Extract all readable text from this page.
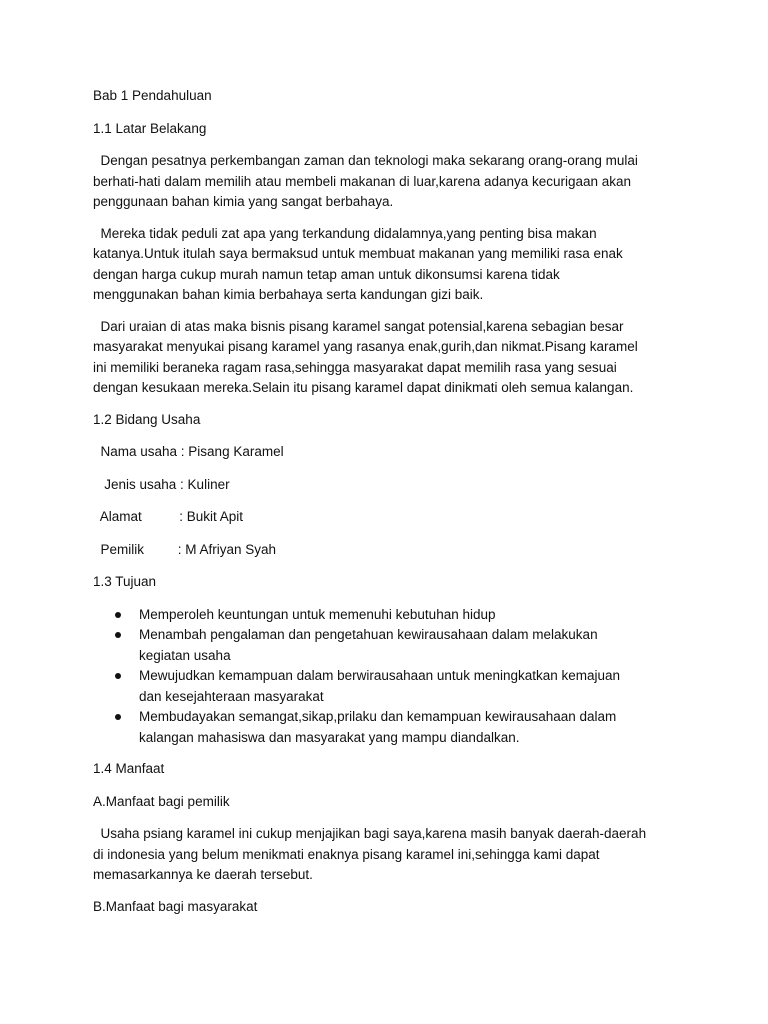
Bab 1 Pendahuluan

1.1 Latar Belakang

Dengan pesatnya perkembangan zaman dan teknologi maka sekarang orang-orang mulai

berhati-hati dalam memilih atau membeli makanan di luar,karena adanya kecurigaan akan

penggunaan bahan kimia yang sangat berbahaya.

Mereka tidak peduli zat apa yang terkandung didalamnya,yang penting bisa makan

katanya.Untuk itulah saya bermaksud untuk membuat makanan yang memiliki rasa enak

dengan harga cukup murah namun tetap aman untuk dikonsumsi karena tidak

menggunakan bahan kimia berbahaya serta kandungan gizi baik.

Dari uraian di atas maka bisnis pisang karamel sangat potensial,karena sebagian besar

masyarakat menyukai pisang karamel yang rasanya enak,gurih,dan nikmat.Pisang karamel

ini memiliki beraneka ragam rasa,sehingga masyarakat dapat memilih rasa yang sesuai

dengan kesukaan mereka.Selain itu pisang karamel dapat dinikmati oleh semua kalangan.

1.2 Bidang Usaha

Nama usaha : Pisang Karamel

Jenis usaha : Kuliner

Alamat          : Bukit Apit

Pemilik         : M Afriyan Syah

1.3 Tujuan

Memperoleh keuntungan untuk memenuhi kebutuhan hidup

Menambah pengalaman dan pengetahuan kewirausahaan dalam melakukan

kegiatan usaha

Mewujudkan kemampuan dalam berwirausahaan untuk meningkatkan kemajuan

dan kesejahteraan masyarakat

Membudayakan semangat,sikap,prilaku dan kemampuan kewirausahaan dalam

kalangan mahasiswa dan masyarakat yang mampu diandalkan.

1.4 Manfaat

A.Manfaat bagi pemilik

Usaha psiang karamel ini cukup menjajikan bagi saya,karena masih banyak daerah-daerah

di indonesia yang belum menikmati enaknya pisang karamel ini,sehingga kami dapat

memasarkannya ke daerah tersebut.

B.Manfaat bagi masyarakat
